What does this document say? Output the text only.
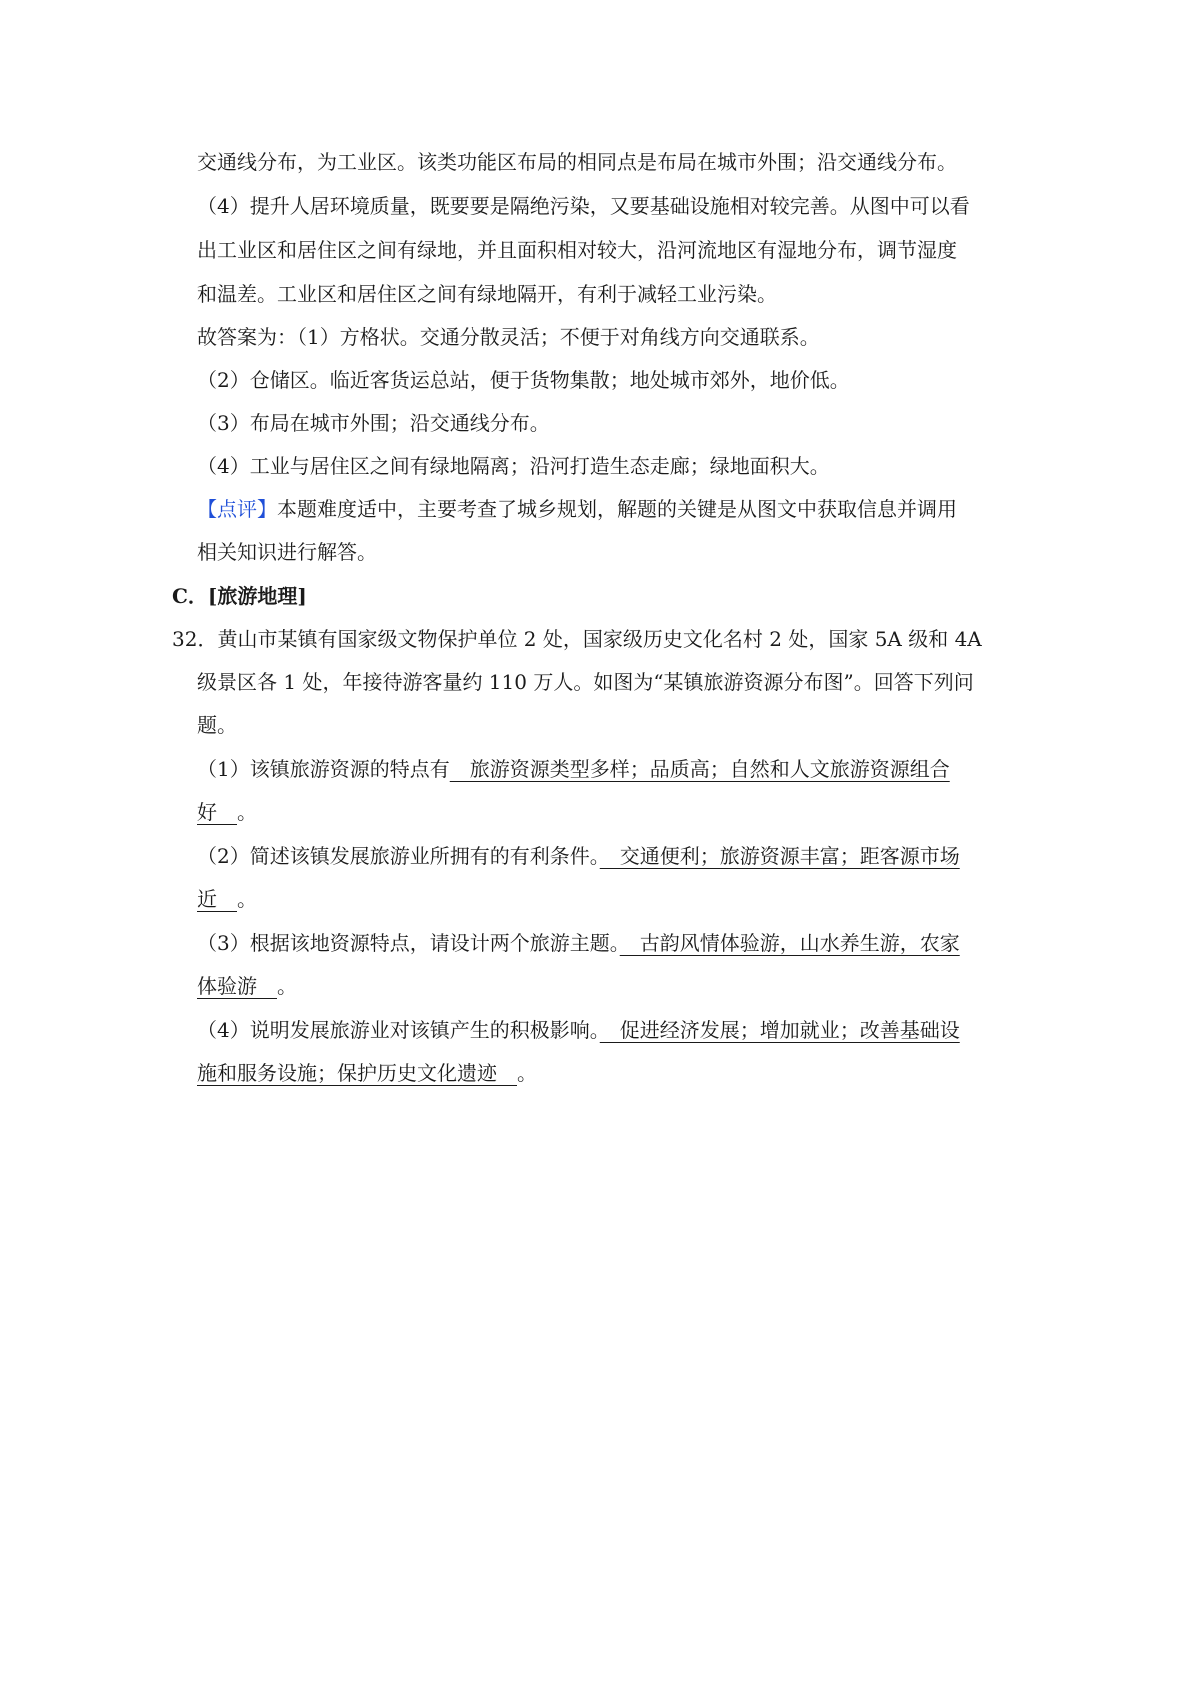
交通线分布，为工业区。该类功能区布局的相同点是布局在城市外围；沿交通线分布。
（4）提升人居环境质量，既要要是隔绝污染，又要基础设施相对较完善。从图中可以看
出工业区和居住区之间有绿地，并且面积相对较大，沿河流地区有湿地分布，调节湿度
和温差。工业区和居住区之间有绿地隔开，有利于减轻工业污染。
故答案为：（1）方格状。交通分散灵活；不便于对角线方向交通联系。
（2）仓储区。临近客货运总站，便于货物集散；地处城市郊外，地价低。
（3）布局在城市外围；沿交通线分布。
（4）工业与居住区之间有绿地隔离；沿河打造生态走廊；绿地面积大。
【点评】本题难度适中，主要考查了城乡规划，解题的关键是从图文中获取信息并调用
相关知识进行解答。
C．[旅游地理]
32．黄山市某镇有国家级文物保护单位 2 处，国家级历史文化名村 2 处，国家 5A 级和 4A
级景区各 1 处，年接待游客量约 110 万人。如图为“某镇旅游资源分布图”。回答下列问
题。
（1）该镇旅游资源的特点有　旅游资源类型多样；品质高；自然和人文旅游资源组合
好　。
（2）简述该镇发展旅游业所拥有的有利条件。　交通便利；旅游资源丰富；距客源市场
近　。
（3）根据该地资源特点，请设计两个旅游主题。　古韵风情体验游，山水养生游，农家
体验游　。
（4）说明发展旅游业对该镇产生的积极影响。　促进经济发展；增加就业；改善基础设
施和服务设施；保护历史文化遗迹　。
